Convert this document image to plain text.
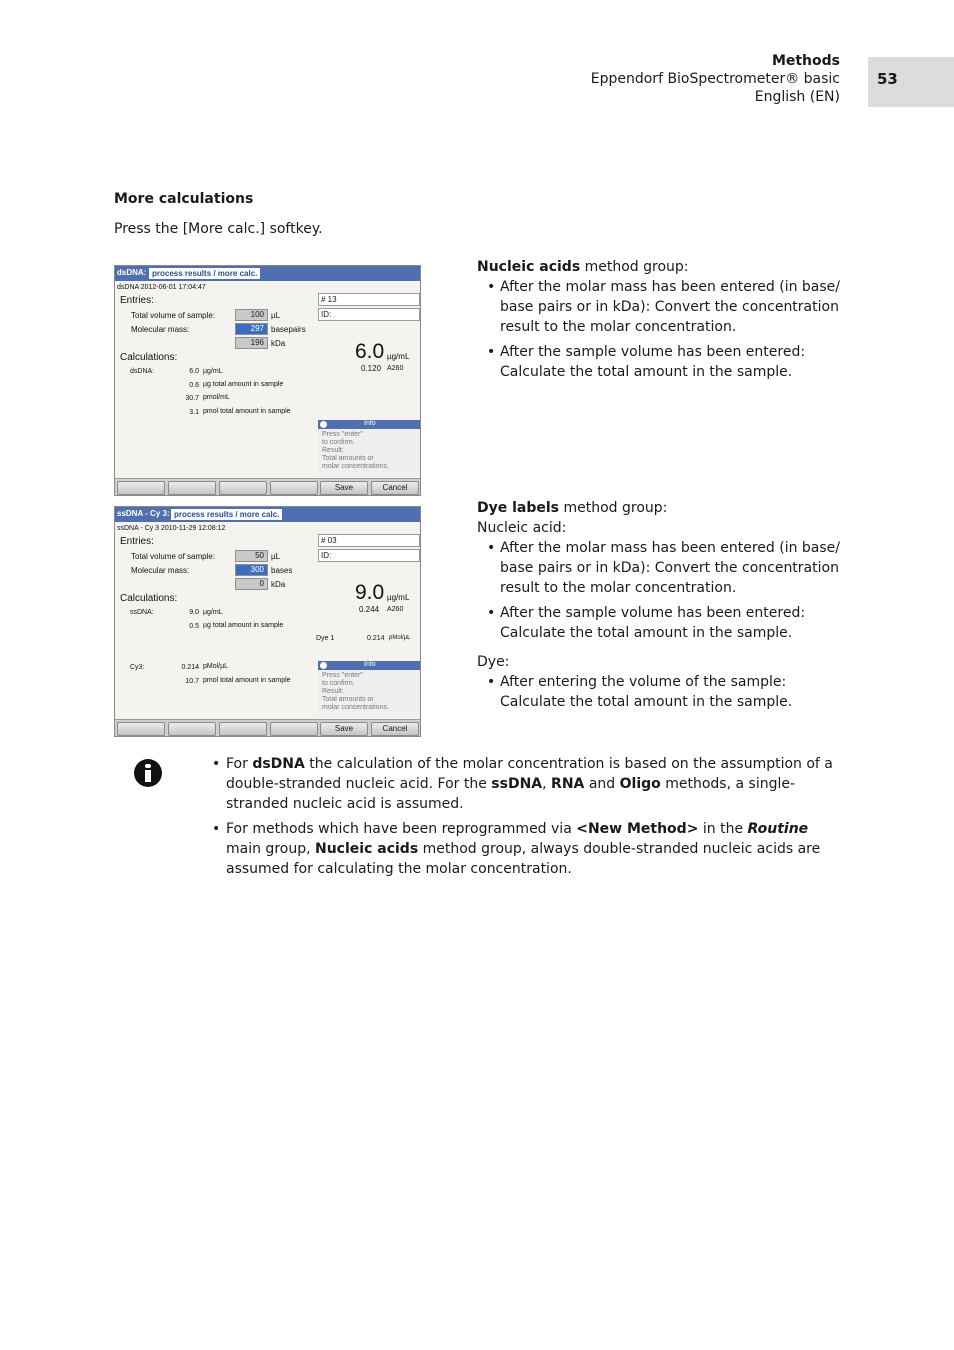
Methods
Eppendorf BioSpectrometer® basic
English (EN)
53
More calculations
Press the [More calc.] softkey.
dsDNA: process results / more calc.
dsDNA 2012-06-01 17:04:47
Entries:
Total volume of sample:	100 µL
Molecular mass:	297 basepairs
196 kDa
# 13
ID:
6.0 µg/mL
0.120 A260
Calculations:
dsDNA:	6.0 µg/mL
0.6 µg total amount in sample
30.7 pmol/mL
3.1 pmol total amount in sample
Info
Press "enter"
to confirm.
Result:
Total amounts or
molar concentrations.
Save	Cancel
ssDNA - Cy 3: process results / more calc.
ssDNA - Cy 3 2010-11-29 12:08:12
Entries:
Total volume of sample:	50 µL
Molecular mass:	300 bases
0 kDa
# 03
ID:
9.0 µg/mL
0.244 A260
Calculations:
ssDNA:	9.0 µg/mL
0.5 µg total amount in sample
Dye 1	0.214 pMol/µL
Cy3:	0.214 pMol/µL
10.7 pmol total amount in sample
Info
Press "enter"
to confirm.
Result:
Total amounts or
molar concentrations.
Save	Cancel
Nucleic acids method group:
• After the molar mass has been entered (in base/ base pairs or in kDa): Convert the concentration result to the molar concentration.
• After the sample volume has been entered: Calculate the total amount in the sample.
Dye labels method group:
Nucleic acid:
• After the molar mass has been entered (in base/ base pairs or in kDa): Convert the concentration result to the molar concentration.
• After the sample volume has been entered: Calculate the total amount in the sample.
Dye:
• After entering the volume of the sample: Calculate the total amount in the sample.
• For dsDNA the calculation of the molar concentration is based on the assumption of a double-stranded nucleic acid. For the ssDNA, RNA and Oligo methods, a single-stranded nucleic acid is assumed.
• For methods which have been reprogrammed via <New Method> in the Routine main group, Nucleic acids method group, always double-stranded nucleic acids are assumed for calculating the molar concentration.
